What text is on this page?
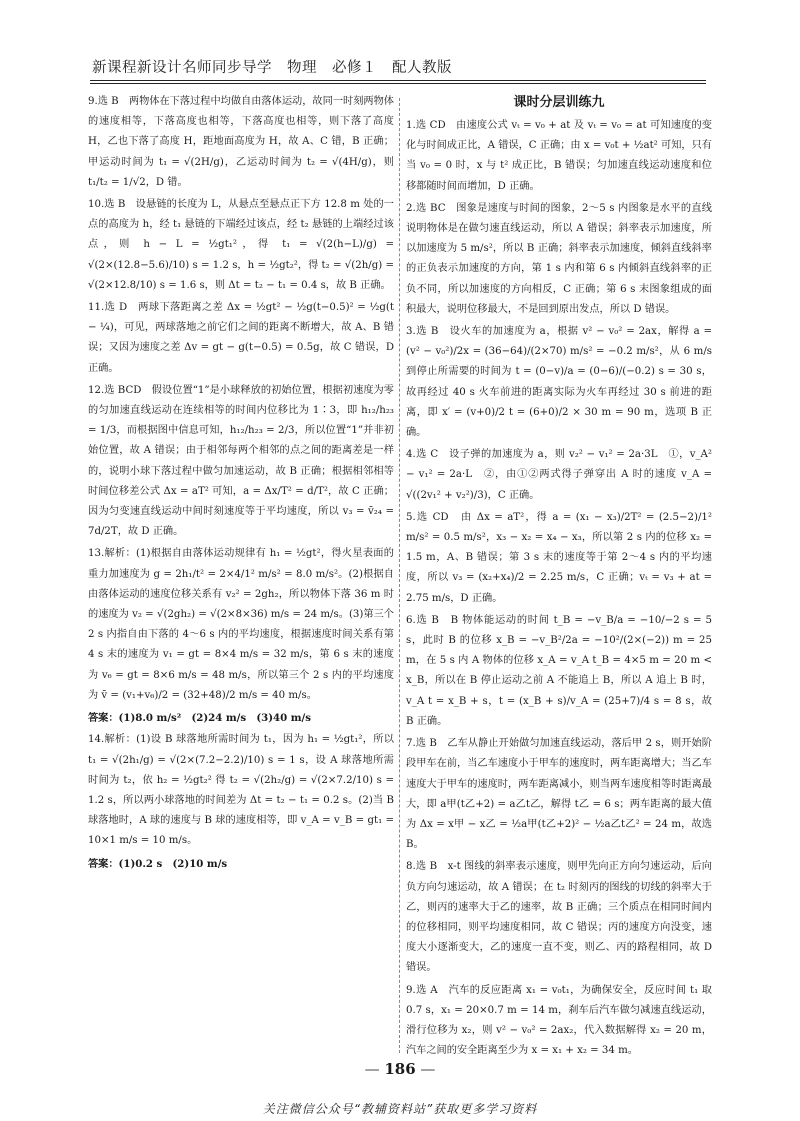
新课程新设计名师同步导学　物理　必修１　配人教版
9.选 B　两物体在下落过程中均做自由落体运动，故同一时刻两物体的速度相等，下落高度也相等，下落高度也相等，则下落了高度 H，乙也下落了高度 H，距地面高度为 H，故 A、C 错，B 正确；甲运动时间为 t₁ = √(2H/g)，乙运动时间为 t₂ = √(4H/g)，则 t₁/t₂ = 1/√2，D 错。
10.选 B　设悬链的长度为 L，从悬点至悬点正下方 12.8 m 处的一点的高度为 h，经 t₁ 悬链的下端经过该点，经 t₂ 悬链的上端经过该点，则 h − L = ½gt₁²，得 t₁ = √(2(h−L)/g) = √(2×(12.8−5.6)/10) s = 1.2 s，h = ½gt₂²，得 t₂ = √(2h/g) = √(2×12.8/10) s = 1.6 s，则 Δt = t₂ − t₁ = 0.4 s，故 B 正确。
11.选 D　两球下落距离之差 Δx = ½gt² − ½g(t−0.5)² = ½g(t − ¼)，可见，两球落地之前它们之间的距离不断增大，故 A、B 错误；又因为速度之差 Δv = gt − g(t−0.5) = 0.5g，故 C 错误，D 正确。
12.选 BCD　假设位置“1”是小球释放的初始位置，根据初速度为零的匀加速直线运动在连续相等的时间内位移比为 1∶3，即 h₁₂/h₂₃ = 1/3，而根据图中信息可知，h₁₂/h₂₃ = 2/3，所以位置“1”并非初始位置，故 A 错误；由于相邻每两个相邻的点之间的距离差是一样的，说明小球下落过程中做匀加速运动，故 B 正确；根据相邻相等时间位移差公式 Δx = aT² 可知，a = Δx/T² = d/T²，故 C 正确；因为匀变速直线运动中间时刻速度等于平均速度，所以 v₃ = v̄₂₄ = 7d/2T，故 D 正确。
13.解析：(1)根据自由落体运动规律有 h₁ = ½gt²，得火星表面的重力加速度为 g = 2h₁/t² = 2×4/1² m/s² = 8.0 m/s²。(2)根据自由落体运动的速度位移关系有 v₂² = 2gh₂，所以物体下落 36 m 时的速度为 v₂ = √(2gh₂) = √(2×8×36) m/s = 24 m/s。(3)第三个 2 s 内指自由下落的 4～6 s 内的平均速度，根据速度时间关系有第 4 s 末的速度为 v₁ = gt = 8×4 m/s = 32 m/s，第 6 s 末的速度为 v₆ = gt = 8×6 m/s = 48 m/s，所以第三个 2 s 内的平均速度为 v̄ = (v₁+v₆)/2 = (32+48)/2 m/s = 40 m/s。
答案：(1)8.0 m/s²　(2)24 m/s　(3)40 m/s
14.解析：(1)设 B 球落地所需时间为 t₁，因为 h₁ = ½gt₁²，所以 t₁ = √(2h₁/g) = √(2×(7.2−2.2)/10) s = 1 s，设 A 球落地所需时间为 t₂，依 h₂ = ½gt₂² 得 t₂ = √(2h₂/g) = √(2×7.2/10) s = 1.2 s，所以两小球落地的时间差为 Δt = t₂ − t₁ = 0.2 s。(2)当 B 球落地时，A 球的速度与 B 球的速度相等，即 v_A = v_B = gt₁ = 10×1 m/s = 10 m/s。
答案：(1)0.2 s　(2)10 m/s
课时分层训练九
1.选 CD　由速度公式 vₜ = v₀ + at 及 vₜ = v₀ = at 可知速度的变化与时间成正比，A 错误，C 正确；由 x = v₀t + ½at² 可知，只有当 v₀ = 0 时，x 与 t² 成正比，B 错误；匀加速直线运动速度和位移都随时间而增加，D 正确。
2.选 BC　图象是速度与时间的图象，2～5 s 内图象是水平的直线说明物体是在做匀速直线运动，所以 A 错误；斜率表示加速度，所以加速度为 5 m/s²，所以 B 正确；斜率表示加速度，倾斜直线斜率的正负表示加速度的方向，第 1 s 内和第 6 s 内倾斜直线斜率的正负不同，所以加速度的方向相反，C 正确；第 6 s 末图象组成的面积最大，说明位移最大，不是回到原出发点，所以 D 错误。
3.选 B　设火车的加速度为 a，根据 v² − v₀² = 2ax，解得 a = (v² − v₀²)/2x = (36−64)/(2×70) m/s² = −0.2 m/s²，从 6 m/s 到停止所需要的时间为 t = (0−v)/a = (0−6)/(−0.2) s = 30 s，故再经过 40 s 火车前进的距离实际为火车再经过 30 s 前进的距离，即 x′ = (v+0)/2 t = (6+0)/2 × 30 m = 90 m，选项 B 正确。
4.选 C　设子弹的加速度为 a，则 v₂² − v₁² = 2a·3L　①，v_A² − v₁² = 2a·L　②，由①②两式得子弹穿出 A 时的速度 v_A = √((2v₁² + v₂²)/3)，C 正确。
5.选 CD　由 Δx = aT²，得 a = (x₁ − x₃)/2T² = (2.5−2)/1² m/s² = 0.5 m/s²，x₃ − x₂ = x₄ − x₃，所以第 2 s 内的位移 x₂ = 1.5 m，A、B 错误；第 3 s 末的速度等于第 2～4 s 内的平均速度，所以 v₃ = (x₂+x₄)/2 = 2.25 m/s，C 正确；vₜ = v₃ + at = 2.75 m/s，D 正确。
6.选 B　B 物体能运动的时间 t_B = −v_B/a = −10/−2 s = 5 s，此时 B 的位移 x_B = −v_B²/2a = −10²/(2×(−2)) m = 25 m，在 5 s 内 A 物体的位移 x_A = v_A t_B = 4×5 m = 20 m < x_B，所以在 B 停止运动之前 A 不能追上 B，所以 A 追上 B 时，v_A t = x_B + s，t = (x_B + s)/v_A = (25+7)/4 s = 8 s，故 B 正确。
7.选 B　乙车从静止开始做匀加速直线运动，落后甲 2 s，则开始阶段甲车在前，当乙车速度小于甲车的速度时，两车距离增大；当乙车速度大于甲车的速度时，两车距离减小，则当两车速度相等时距离最大，即 a甲(t乙+2) = a乙t乙，解得 t乙 = 6 s；两车距离的最大值为 Δx = x甲 − x乙 = ½a甲(t乙+2)² − ½a乙t乙² = 24 m，故选 B。
8.选 B　x-t 图线的斜率表示速度，则甲先向正方向匀速运动，后向负方向匀速运动，故 A 错误；在 t₂ 时刻丙的图线的切线的斜率大于乙，则丙的速率大于乙的速率，故 B 正确；三个质点在相同时间内的位移相同，则平均速度相同，故 C 错误；丙的速度方向没变，速度大小逐渐变大，乙的速度一直不变，则乙、丙的路程相同，故 D 错误。
9.选 A　汽车的反应距离 x₁ = v₀t₁，为确保安全，反应时间 t₁ 取 0.7 s，x₁ = 20×0.7 m = 14 m，刹车后汽车做匀减速直线运动，滑行位移为 x₂，则 v² − v₀² = 2ax₂，代入数据解得 x₂ = 20 m，汽车之间的安全距离至少为 x = x₁ + x₂ = 34 m。
— 186 —
关注微信公众号“教辅资料站”获取更多学习资料
